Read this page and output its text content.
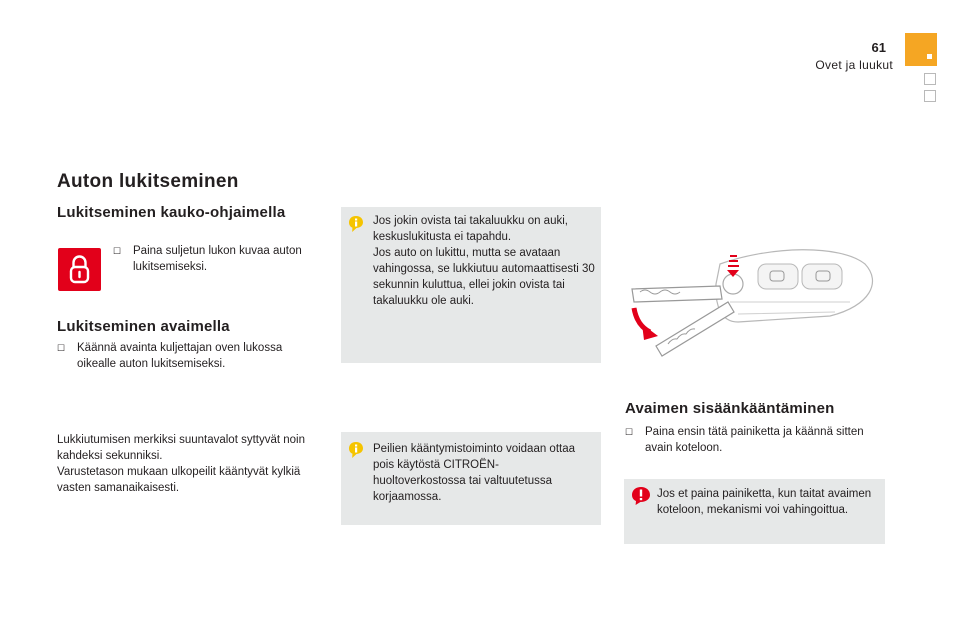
61
Ovet ja luukut
Auton lukitseminen
Lukitseminen kauko-ohjaimella
☐ Paina suljetun lukon kuvaa auton lukitsemiseksi.
Lukitseminen avaimella
☐ Käännä avainta kuljettajan oven lukossa oikealle auton lukitsemiseksi.
Lukkiutumisen merkiksi suuntavalot syttyvät noin kahdeksi sekunniksi.
Varustetason mukaan ulkopeilit kääntyvät kylkiä vasten samanaikaisesti.
Jos jokin ovista tai takaluukku on auki, keskuslukitusta ei tapahdu.
Jos auto on lukittu, mutta se avataan vahingossa, se lukkiutuu automaattisesti 30 sekunnin kuluttua, ellei jokin ovista tai takaluukku ole auki.
Peilien kääntymistoiminto voidaan ottaa pois käytöstä CITROËN-huoltoverkostossa tai valtuutetussa korjaamossa.
Avaimen sisäänkääntäminen
☐ Paina ensin tätä painiketta ja käännä sitten avain koteloon.
Jos et paina painiketta, kun taitat avaimen koteloon, mekanismi voi vahingoittua.
